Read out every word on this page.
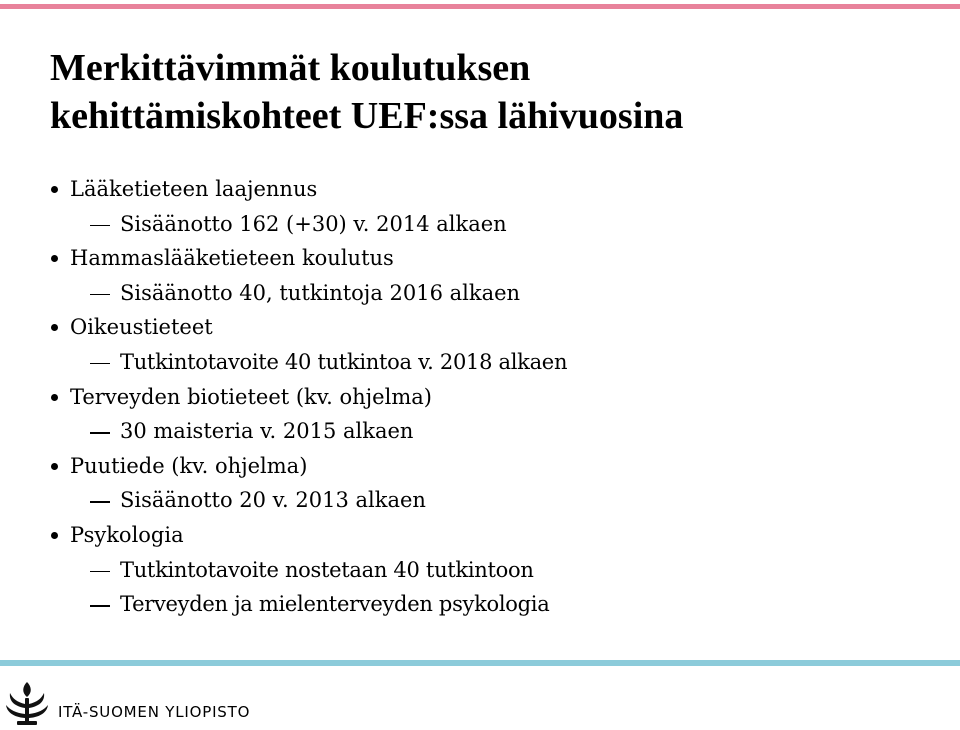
Merkittävimmät koulutuksen
kehittämiskohteet UEF:ssa lähivuosina
Lääketieteen laajennus
Sisäänotto 162 (+30) v. 2014 alkaen
Hammaslääketieteen koulutus
Sisäänotto 40, tutkintoja 2016 alkaen
Oikeustieteet
Tutkintotavoite 40 tutkintoa v. 2018 alkaen
Terveyden biotieteet (kv. ohjelma)
30 maisteria v. 2015 alkaen
Puutiede (kv. ohjelma)
Sisäänotto 20 v. 2013 alkaen
Psykologia
Tutkintotavoite nostetaan 40 tutkintoon
Terveyden ja mielenterveyden psykologia
ITÄ-SUOMEN YLIOPISTO
